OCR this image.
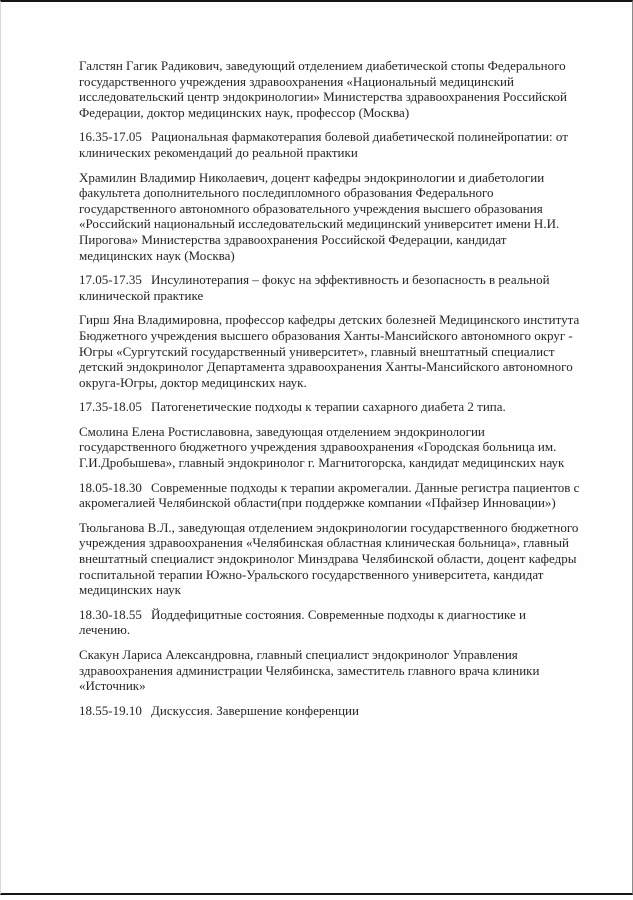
Галстян Гагик Радикович, заведующий отделением диабетической стопы Федерального государственного учреждения здравоохранения «Национальный медицинский исследовательский центр эндокринологии» Министерства здравоохранения Российской Федерации, доктор медицинских наук, профессор (Москва)

16.35-17.05 Рациональная фармакотерапия болевой диабетической полинейропатии: от клинических рекомендаций до реальной практики

Храмилин Владимир Николаевич, доцент кафедры эндокринологии и диабетологии факультета дополнительного последипломного образования Федерального государственного автономного образовательного учреждения высшего образования «Российский национальный исследовательский медицинский университет имени Н.И. Пирогова» Министерства здравоохранения Российской Федерации, кандидат медицинских наук (Москва)

17.05-17.35 Инсулинотерапия – фокус на эффективность и безопасность в реальной клинической практике

Гирш Яна Владимировна, профессор кафедры детских болезней Медицинского института Бюджетного учреждения высшего образования Ханты-Мансийского автономного округ - Югры «Сургутский государственный университет», главный внештатный специалист детский эндокринолог Департамента здравоохранения Ханты-Мансийского автономного округа-Югры, доктор медицинских наук.

17.35-18.05 Патогенетические подходы к терапии сахарного диабета 2 типа.

Смолина Елена Ростиславовна, заведующая отделением эндокринологии государственного бюджетного учреждения здравоохранения «Городская больница им. Г.И.Дробышева», главный эндокринолог г. Магнитогорска, кандидат медицинских наук

18.05-18.30 Современные подходы к терапии акромегалии. Данные регистра пациентов с акромегалией Челябинской области(при поддержке компании «Пфайзер Инновации»)

Тюльганова В.Л., заведующая отделением эндокринологии государственного бюджетного учреждения здравоохранения «Челябинская областная клиническая больница», главный внештатный специалист эндокринолог Минздрава Челябинской области, доцент кафедры госпитальной терапии Южно-Уральского государственного университета, кандидат медицинских наук

18.30-18.55 Йоддефицитные состояния. Современные подходы к диагностике и лечению.

Скакун Лариса Александровна, главный специалист эндокринолог Управления здравоохранения администрации Челябинска, заместитель главного врача клиники «Источник»

18.55-19.10 Дискуссия. Завершение конференции
